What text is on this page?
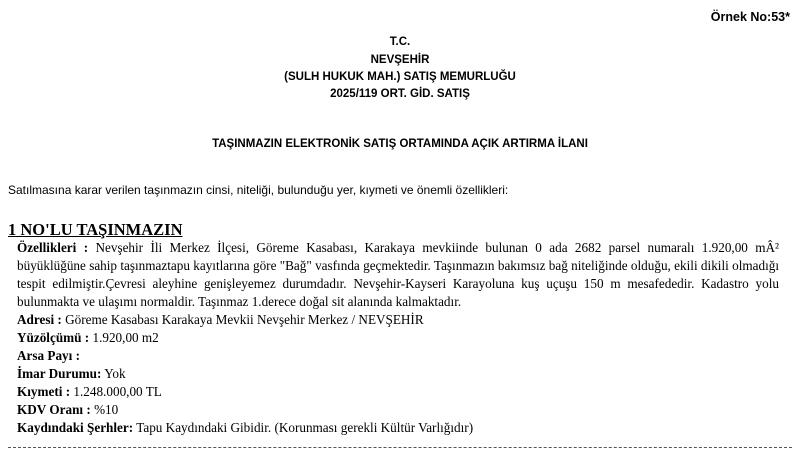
Örnek No:53*
T.C.
NEVŞEHİR
(SULH HUKUK MAH.) SATIŞ MEMURLUĞU
2025/119 ORT. GİD. SATIŞ
TAŞINMAZIN ELEKTRONİK SATIŞ ORTAMINDA AÇIK ARTIRMA İLANI
Satılmasına karar verilen taşınmazın cinsi, niteliği, bulunduğu yer, kıymeti ve önemli özellikleri:
1 NO'LU TAŞINMAZIN

Özellikleri : Nevşehir İli Merkez İlçesi, Göreme Kasabası, Karakaya mevkiinde bulunan 0 ada 2682 parsel numaralı 1.920,00 mÂ² büyüklüğüne sahip taşınmaztapu kayıtlarına göre "Bağ" vasfında geçmektedir. Taşınmazın bakımsız bağ niteliğinde olduğu, ekili dikili olmadığı tespit edilmiştir.Çevresi aleyhine genişleyemez durumdadır. Nevşehir-Kayseri Karayoluna kuş uçuşu 150 m mesafededir. Kadastro yolu bulunmakta ve ulaşımı normaldir. Taşınmaz 1.derece doğal sit alanında kalmaktadır.

Adresi : Göreme Kasabası Karakaya Mevkii Nevşehir Merkez / NEVŞEHİR

Yüzölçümü : 1.920,00 m2

Arsa Payı :

İmar Durumu: Yok

Kıymeti : 1.248.000,00 TL

KDV Oranı : %10

Kaydındaki Şerhler: Tapu Kaydındaki Gibidir. (Korunması gerekli Kültür Varlığıdır)
